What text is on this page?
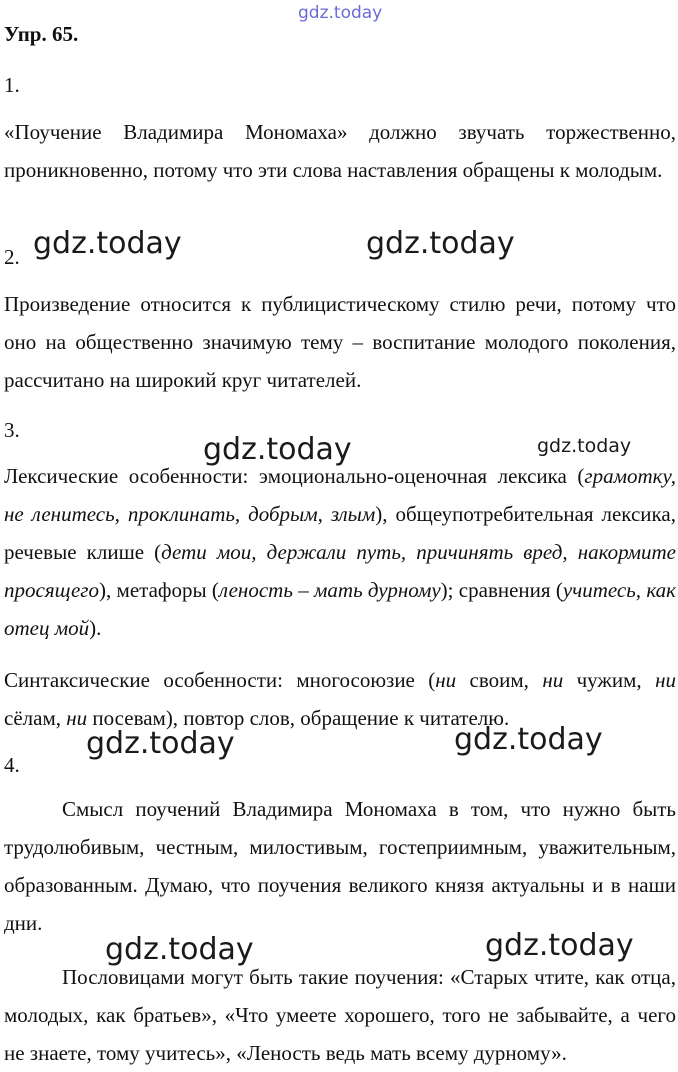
gdz.today
Упр. 65.
1.
«Поучение Владимира Мономаха» должно звучать торжественно, проникновенно, потому что эти слова наставления обращены к молодым.
2.
Произведение относится к публицистическому стилю речи, потому что оно на общественно значимую тему – воспитание молодого поколения, рассчитано на широкий круг читателей.
3.
Лексические особенности: эмоционально-оценочная лексика (грамотку, не ленитесь, проклинать, добрым, злым), общеупотребительная лексика, речевые клише (дети мои, держали путь, причинять вред, накормите просящего), метафоры (леность – мать дурному); сравнения (учитесь, как отец мой).
Синтаксические особенности: многосоюзие (ни своим, ни чужим, ни сёлам, ни посевам), повтор слов, обращение к читателю.
4.
Смысл поучений Владимира Мономаха в том, что нужно быть трудолюбивым, честным, милостивым, гостеприимным, уважительным, образованным. Думаю, что поучения великого князя актуальны и в наши дни.
Пословицами могут быть такие поучения: «Старых чтите, как отца, молодых, как братьев», «Что умеете хорошего, того не забывайте, а чего не знаете, тому учитесь», «Леность ведь мать всему дурному».
gdz.today	gdz.today
gdz.today	gdz.today
gdz.today	gdz.today
gdz.today	gdz.today
